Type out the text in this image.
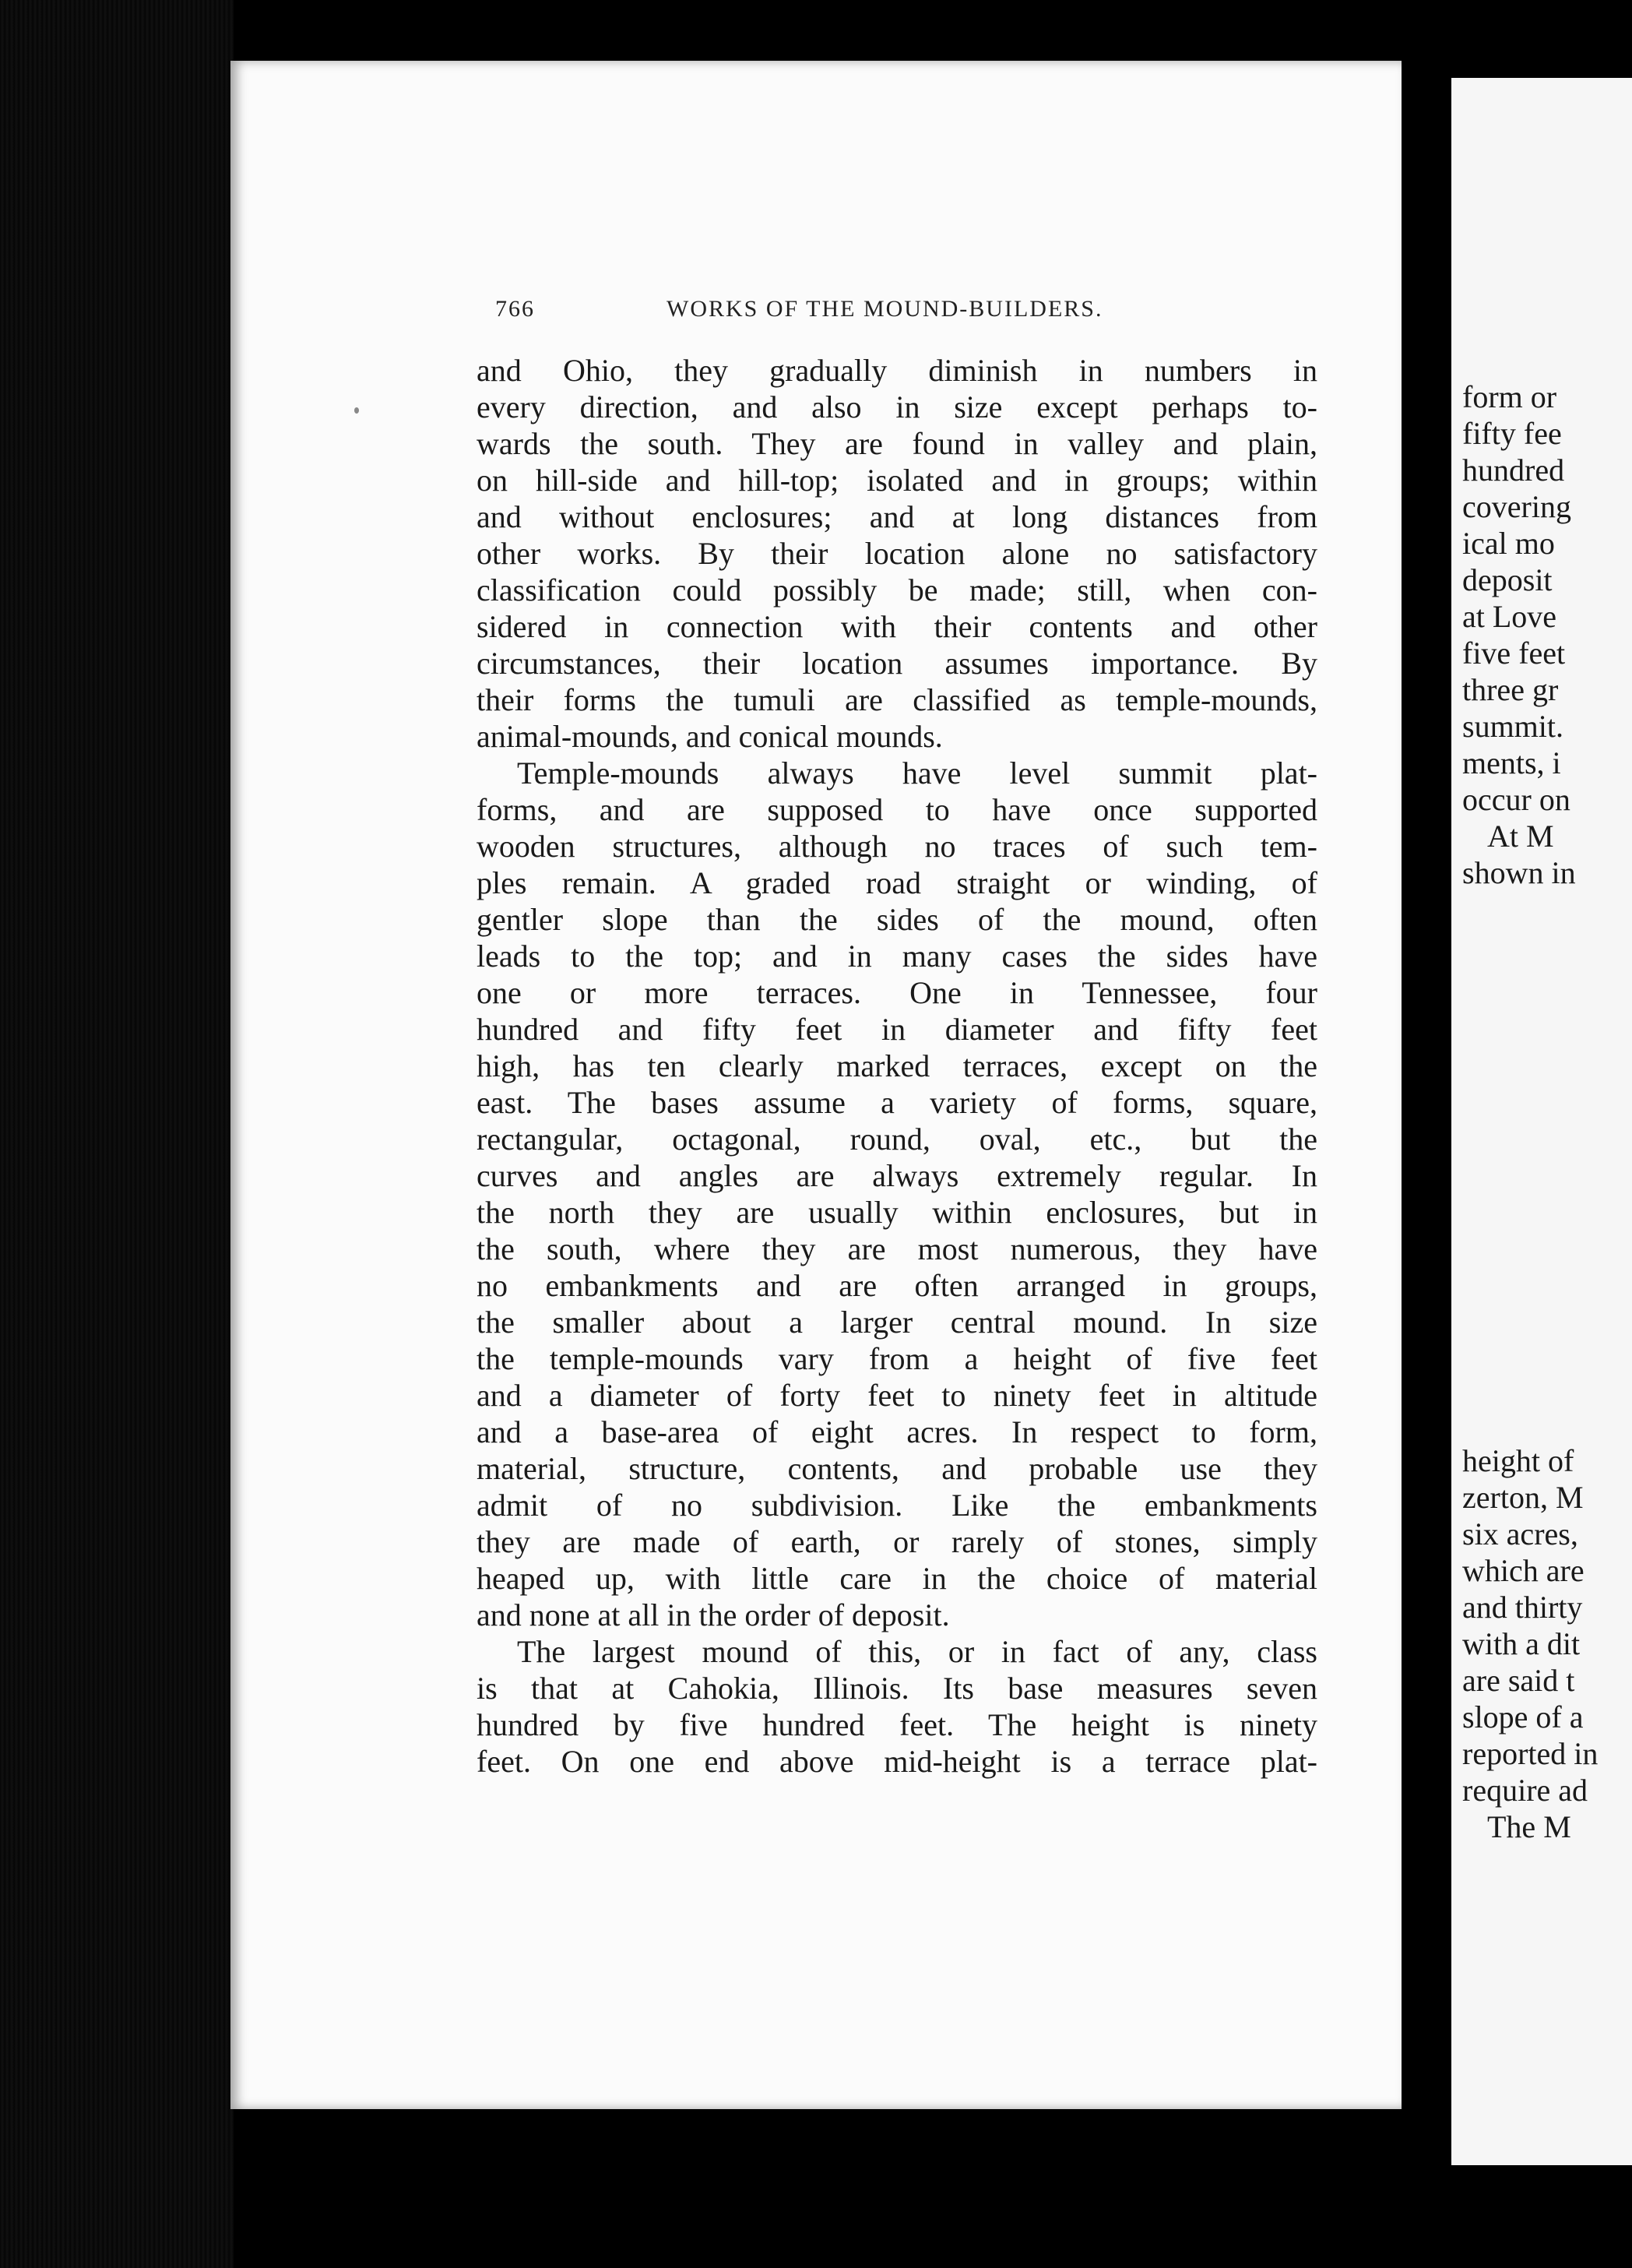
766	WORKS OF THE MOUND-BUILDERS.
and Ohio, they gradually diminish in numbers in
every direction, and also in size except perhaps to-
wards the south. They are found in valley and plain,
on hill-side and hill-top; isolated and in groups; within
and without enclosures; and at long distances from
other works. By their location alone no satisfactory
classification could possibly be made; still, when con-
sidered in connection with their contents and other
circumstances, their location assumes importance. By
their forms the tumuli are classified as temple-mounds,
animal-mounds, and conical mounds.
Temple-mounds always have level summit plat-
forms, and are supposed to have once supported
wooden structures, although no traces of such tem-
ples remain. A graded road straight or winding, of
gentler slope than the sides of the mound, often
leads to the top; and in many cases the sides have
one or more terraces. One in Tennessee, four
hundred and fifty feet in diameter and fifty feet
high, has ten clearly marked terraces, except on the
east. The bases assume a variety of forms, square,
rectangular, octagonal, round, oval, etc., but the
curves and angles are always extremely regular. In
the north they are usually within enclosures, but in
the south, where they are most numerous, they have
no embankments and are often arranged in groups,
the smaller about a larger central mound. In size
the temple-mounds vary from a height of five feet
and a diameter of forty feet to ninety feet in altitude
and a base-area of eight acres. In respect to form,
material, structure, contents, and probable use they
admit of no subdivision. Like the embankments
they are made of earth, or rarely of stones, simply
heaped up, with little care in the choice of material
and none at all in the order of deposit.
The largest mound of this, or in fact of any, class
is that at Cahokia, Illinois. Its base measures seven
hundred by five hundred feet. The height is ninety
feet. On one end above mid-height is a terrace plat-
form or
fifty fee
hundred
covering
ical mo
deposit
at Love
five feet
three gr
summit.
ments, i
occur on
At M
shown in
height of
zerton, M
six acres,
which are
and thirty
with a dit
are said t
slope of a
reported in
require ad
The M
